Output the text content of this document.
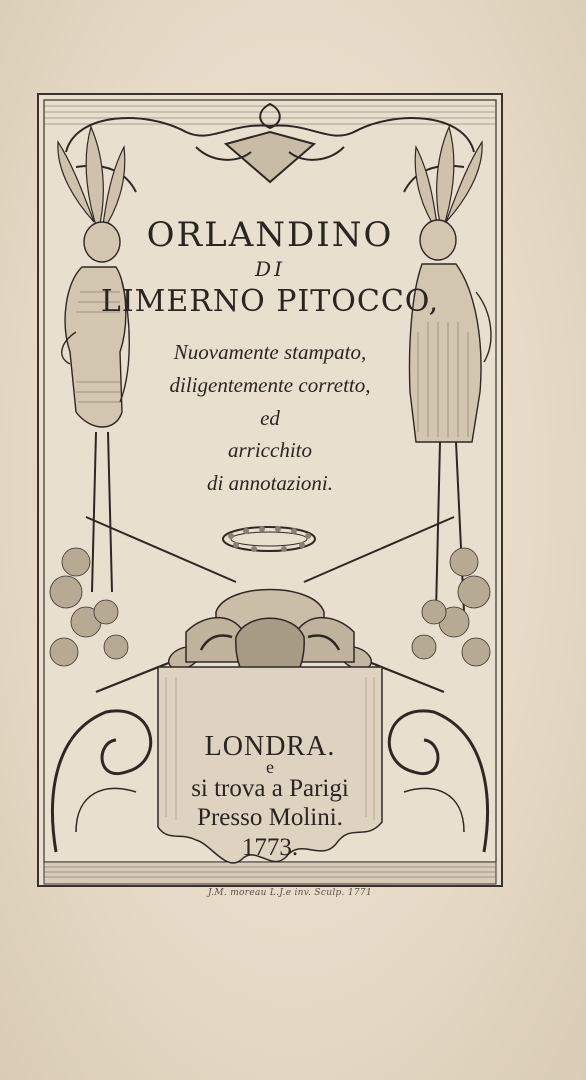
ORLANDINO
DI
LIMERNO PITOCCO,
Nuovamente stampato,
diligentemente corretto,
ed
arricchito
di annotazioni.
LONDRA.
e
si trova a Parigi
Presso Molini.
1773.
J.M. moreau L.J.e inv. Sculp. 1771
